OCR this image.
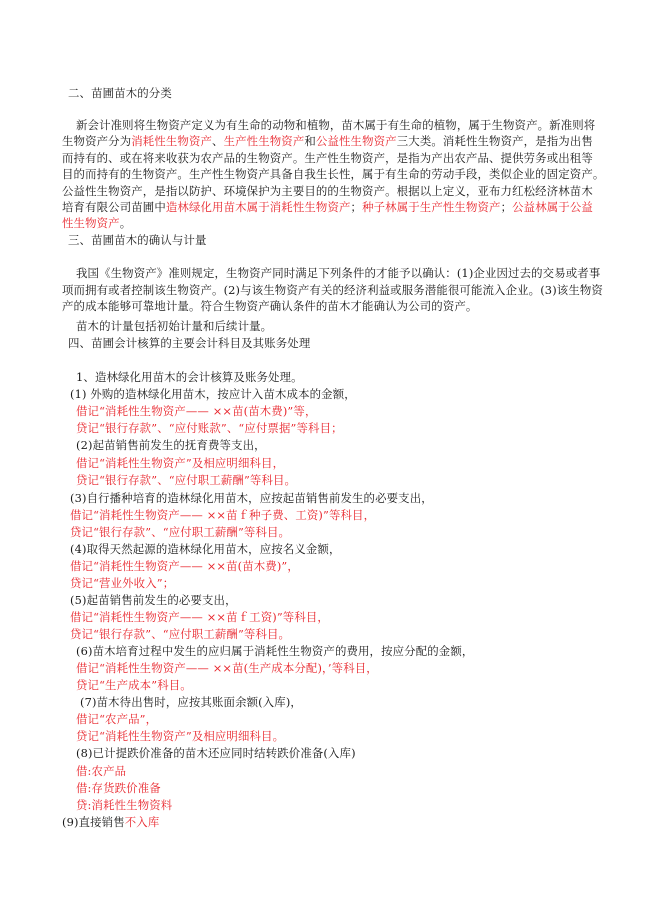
二、苗圃苗木的分类
新会计准则将生物资产定义为有生命的动物和植物，苗木属于有生命的植物，属于生物资产。新准则将
生物资产分为消耗性生物资产、生产性生物资产和公益性生物资产三大类。消耗性生物资产，是指为出售
而持有的、或在将来收获为农产品的生物资产。生产性生物资产，是指为产出农产品、提供劳务或出租等
目的而持有的生物资产。生产性生物资产具备自我生长性，属于有生命的劳动手段，类似企业的固定资产。
公益性生物资产，是指以防护、环境保护为主要目的的生物资产。根据以上定义，亚布力红松经济林苗木
培育有限公司苗圃中造林绿化用苗木属于消耗性生物资产；种子林属于生产性生物资产；公益林属于公益
性生物资产。
三、苗圃苗木的确认与计量
我国《生物资产》准则规定，生物资产同时满足下列条件的才能予以确认：(1)企业因过去的交易或者事
项而拥有或者控制该生物资产。(2)与该生物资产有关的经济利益或服务潜能很可能流入企业。(3)该生物资
产的成本能够可靠地计量。符合生物资产确认条件的苗木才能确认为公司的资产。
苗木的计量包括初始计量和后续计量。
四、苗圃会计核算的主要会计科目及其账务处理
1、造林绿化用苗木的会计核算及账务处理。
(1) 外购的造林绿化用苗木，按应计入苗木成本的金额，
借记“消耗性生物资产—— ××苗(苗木费)”等，
贷记“银行存款”、“应付账款”、“应付票据”等科目；
(2)起苗销售前发生的抚育费等支出，
借记“消耗性生物资产”及相应明细科目，
贷记“银行存款”、“应付职工薪酬”等科目。
(3)自行播种培育的造林绿化用苗木，应按起苗销售前发生的必要支出，
借记“消耗性生物资产—— ××苗ｆ种子费、工资)”等科目，
贷记“银行存款”、“应付职工薪酬”等科目。
(4)取得天然起源的造林绿化用苗木，应按名义金额，
借记“消耗性生物资产—— ××苗(苗木费)”，
贷记“营业外收入”；
(5)起苗销售前发生的必要支出，
借记“消耗性生物资产—— ××苗ｆ工资)”等科目，
贷记“银行存款”、“应付职工薪酬”等科目。
(6)苗木培育过程中发生的应归属于消耗性生物资产的费用，按应分配的金额，
借记“消耗性生物资产—— ××苗(生产成本分配)，’等科目，
贷记“生产成本”科目。
(7)苗木待出售时，应按其账面余额(入库)，
借记“农产品”，
贷记“消耗性生物资产”及相应明细科目。
(8)已计提跌价准备的苗木还应同时结转跌价准备(入库)
借:农产品
借:存货跌价准备
贷:消耗性生物资料
(9)直接销售不入库
